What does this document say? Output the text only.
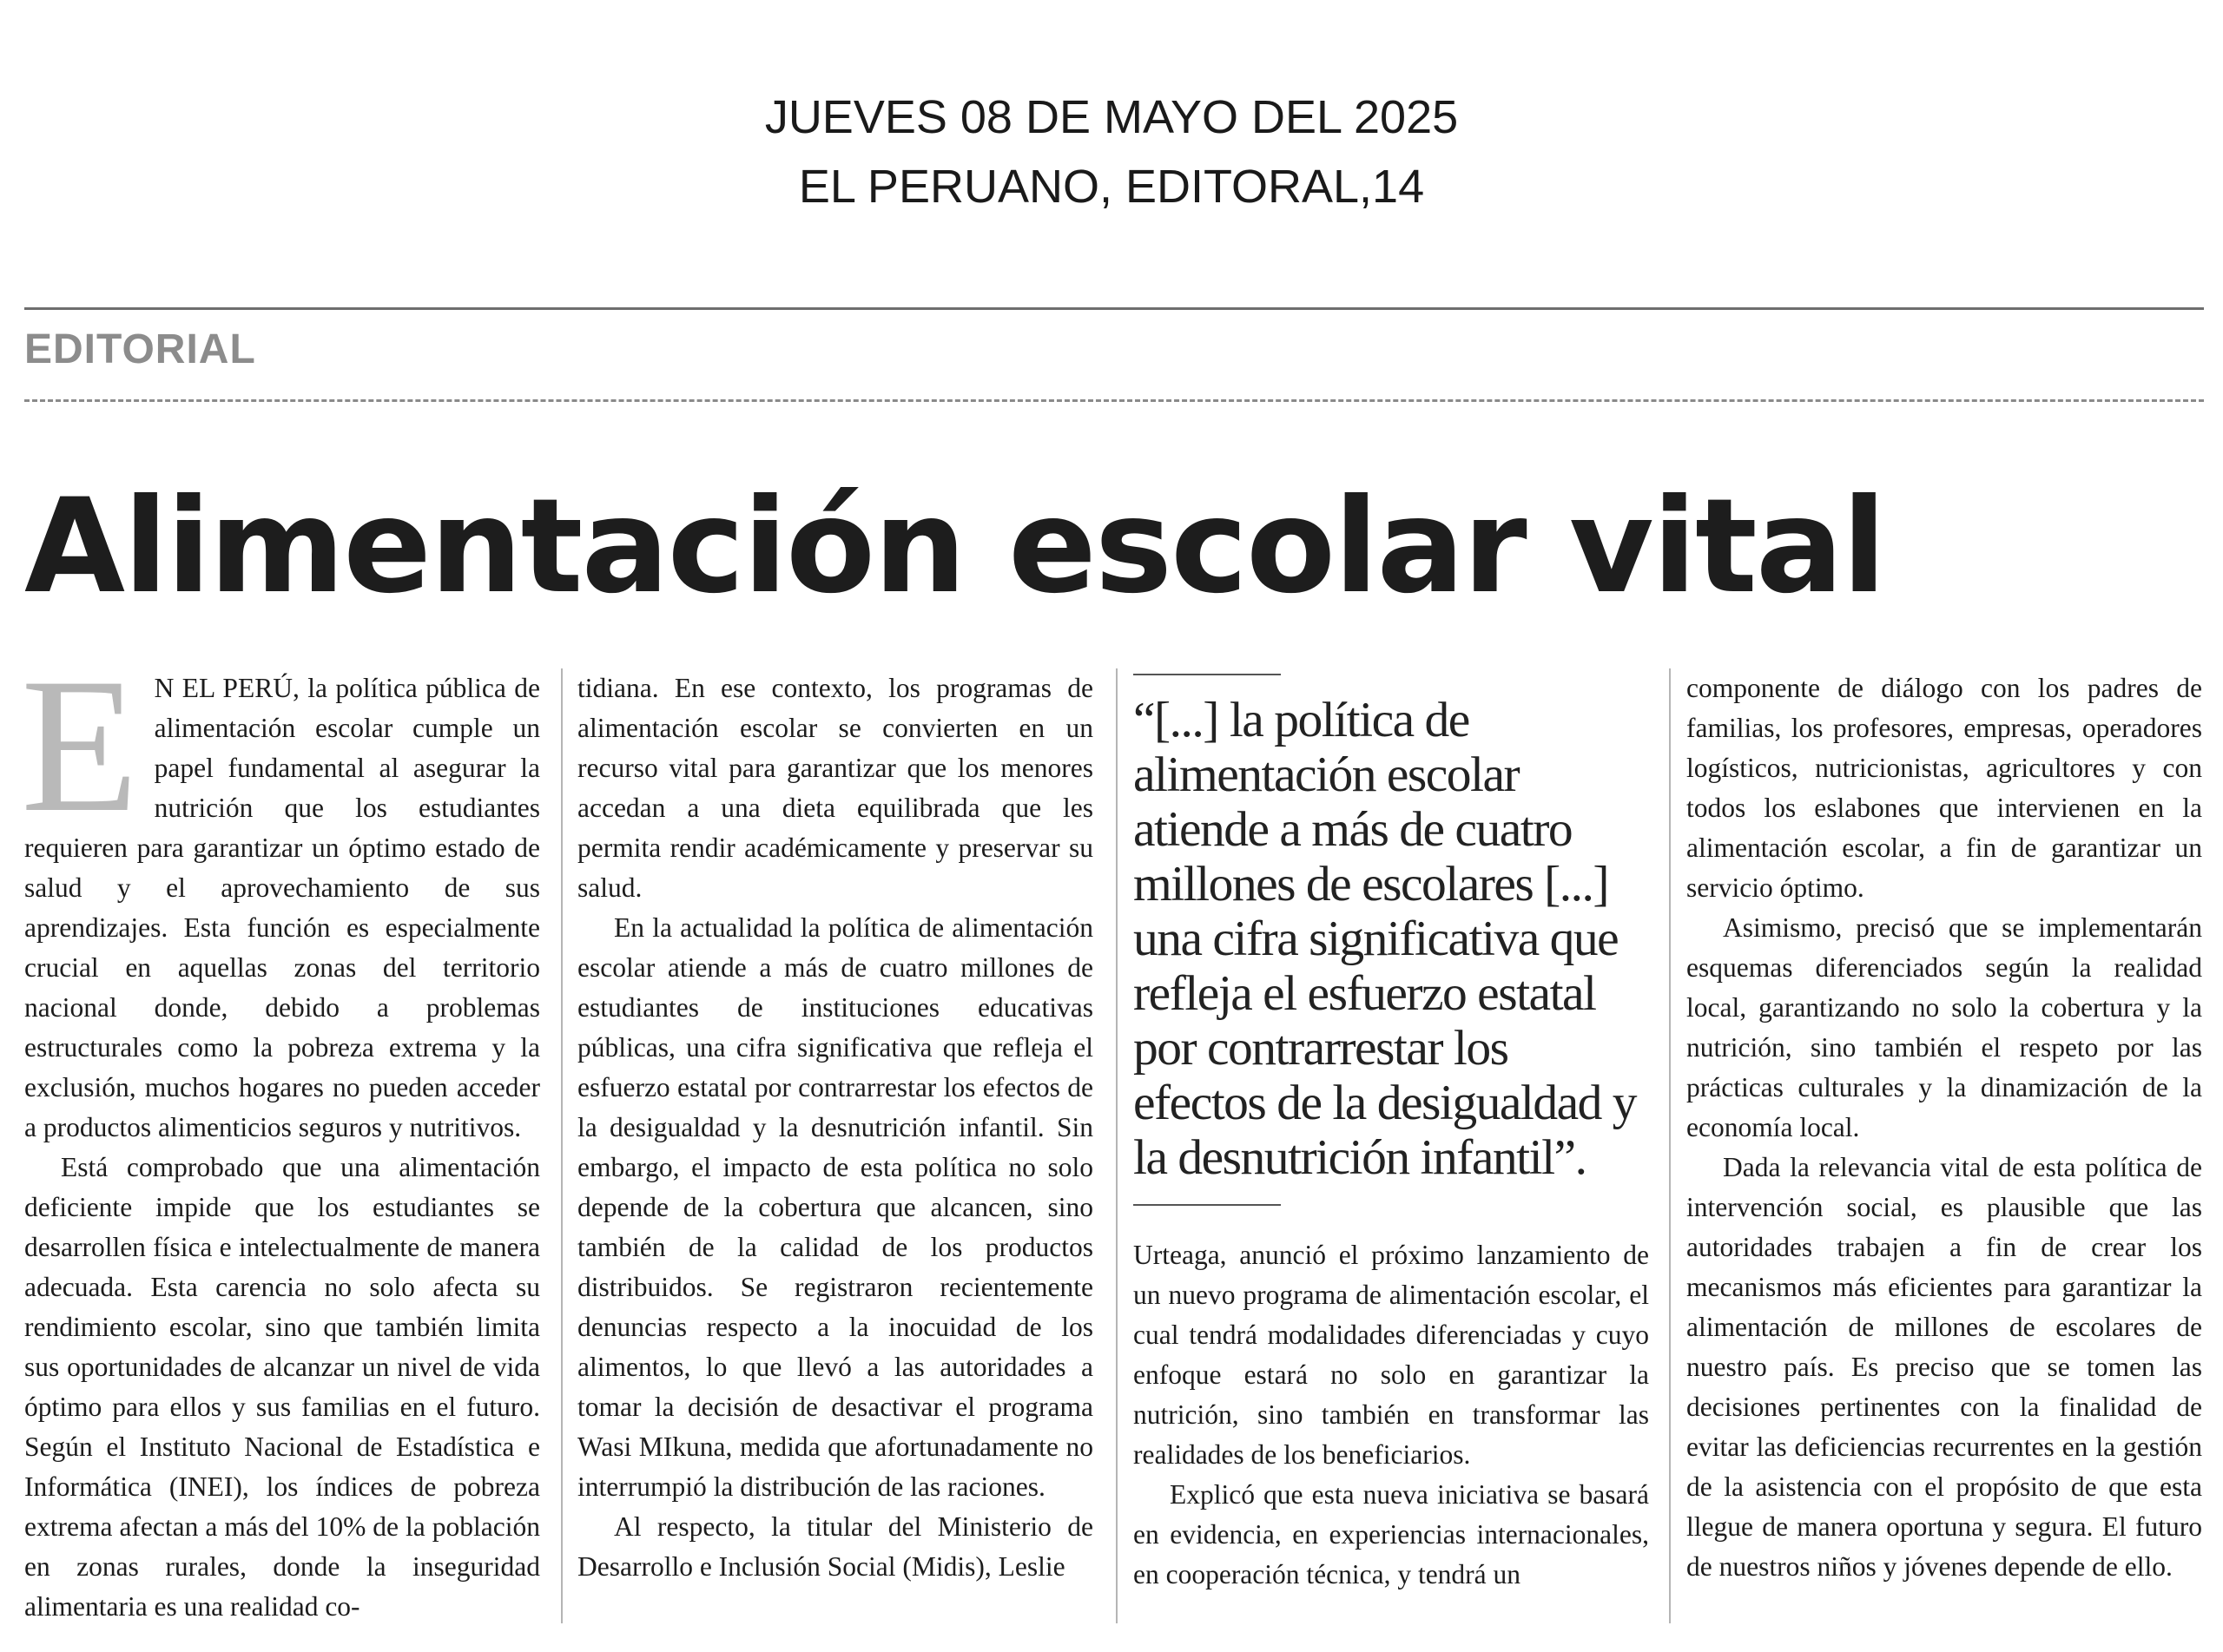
JUEVES 08 DE MAYO DEL 2025
EL PERUANO, EDITORAL,14
EDITORIAL
Alimentación escolar vital
E N EL PERÚ, la política pública de alimentación escolar cumple un papel fundamental al asegurar la nutrición que los estudiantes requieren para garantizar un óptimo estado de salud y el aprovechamiento de sus aprendizajes. Esta función es especialmente crucial en aquellas zonas del territorio nacional donde, debido a problemas estructurales como la pobreza extrema y la exclusión, muchos hogares no pueden acceder a productos alimenticios seguros y nutritivos.

Está comprobado que una alimentación deficiente impide que los estudiantes se desarrollen física e intelectualmente de manera adecuada. Esta carencia no solo afecta su rendimiento escolar, sino que también limita sus oportunidades de alcanzar un nivel de vida óptimo para ellos y sus familias en el futuro. Según el Instituto Nacional de Estadística e Informática (INEI), los índices de pobreza extrema afectan a más del 10% de la población en zonas rurales, donde la inseguridad alimentaria es una realidad co-

tidiana. En ese contexto, los programas de alimentación escolar se convierten en un recurso vital para garantizar que los menores accedan a una dieta equilibrada que les permita rendir académicamente y preservar su salud.

En la actualidad la política de alimentación escolar atiende a más de cuatro millones de estudiantes de instituciones educativas públicas, una cifra significativa que refleja el esfuerzo estatal por contrarrestar los efectos de la desigualdad y la desnutrición infantil. Sin embargo, el impacto de esta política no solo depende de la cobertura que alcancen, sino también de la calidad de los productos distribuidos. Se registraron recientemente denuncias respecto a la inocuidad de los alimentos, lo que llevó a las autoridades a tomar la decisión de desactivar el programa Wasi MIkuna, medida que afortunadamente no interrumpió la distribución de las raciones.

Al respecto, la titular del Ministerio de Desarrollo e Inclusión Social (Midis), Leslie

“[...] la política de alimentación escolar atiende a más de cuatro millones de escolares [...] una cifra significativa que refleja el esfuerzo estatal por contrarrestar los efectos de la desigualdad y la desnutrición infantil”.

Urteaga, anunció el próximo lanzamiento de un nuevo programa de alimentación escolar, el cual tendrá modalidades diferenciadas y cuyo enfoque estará no solo en garantizar la nutrición, sino también en transformar las realidades de los beneficiarios.

Explicó que esta nueva iniciativa se basará en evidencia, en experiencias internacionales, en cooperación técnica, y tendrá un

componente de diálogo con los padres de familias, los profesores, empresas, operadores logísticos, nutricionistas, agricultores y con todos los eslabones que intervienen en la alimentación escolar, a fin de garantizar un servicio óptimo.

Asimismo, precisó que se implementarán esquemas diferenciados según la realidad local, garantizando no solo la cobertura y la nutrición, sino también el respeto por las prácticas culturales y la dinamización de la economía local.

Dada la relevancia vital de esta política de intervención social, es plausible que las autoridades trabajen a fin de crear los mecanismos más eficientes para garantizar la alimentación de millones de escolares de nuestro país. Es preciso que se tomen las decisiones pertinentes con la finalidad de evitar las deficiencias recurrentes en la gestión de la asistencia con el propósito de que esta llegue de manera oportuna y segura. El futuro de nuestros niños y jóvenes depende de ello.
